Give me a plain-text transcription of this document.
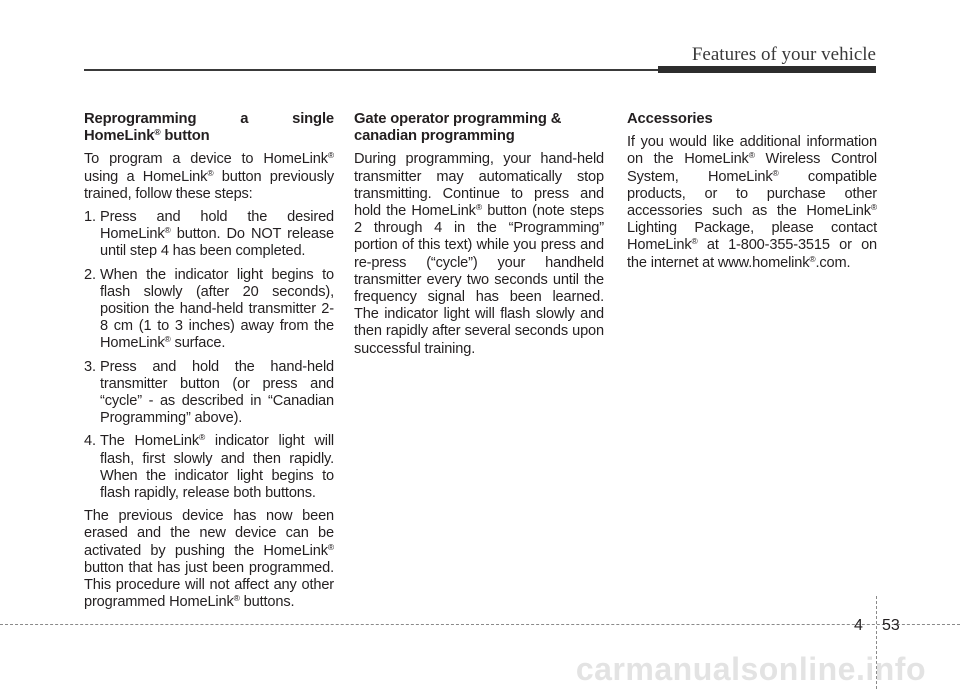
Features of your vehicle
Reprogramming a single
HomeLink® button

To program a device to HomeLink® using a HomeLink® button previously trained, follow these steps:

1. Press and hold the desired HomeLink® button. Do NOT release until step 4 has been completed.
2. When the indicator light begins to flash slowly (after 20 seconds), position the hand-held transmitter 2-8 cm (1 to 3 inches) away from the HomeLink® surface.
3. Press and hold the hand-held transmitter button (or press and “cycle” - as described in “Canadian Programming” above).
4. The HomeLink® indicator light will flash, first slowly and then rapidly. When the indicator light begins to flash rapidly, release both buttons.

The previous device has now been erased and the new device can be activated by pushing the HomeLink® button that has just been programmed. This procedure will not affect any other programmed HomeLink® buttons.

Gate operator programming & canadian programming

During programming, your hand-held transmitter may automatically stop transmitting. Continue to press and hold the HomeLink® button (note steps 2 through 4 in the “Programming” portion of this text) while you press and re-press (“cycle”) your handheld transmitter every two seconds until the frequency signal has been learned. The indicator light will flash slowly and then rapidly after several seconds upon successful training.

Accessories

If you would like additional information on the HomeLink® Wireless Control System, HomeLink® compatible products, or to purchase other accessories such as the HomeLink® Lighting Package, please contact HomeLink® at 1-800-355-3515 or on the internet at www.homelink®.com.

4 53
carmanualsonline.info
